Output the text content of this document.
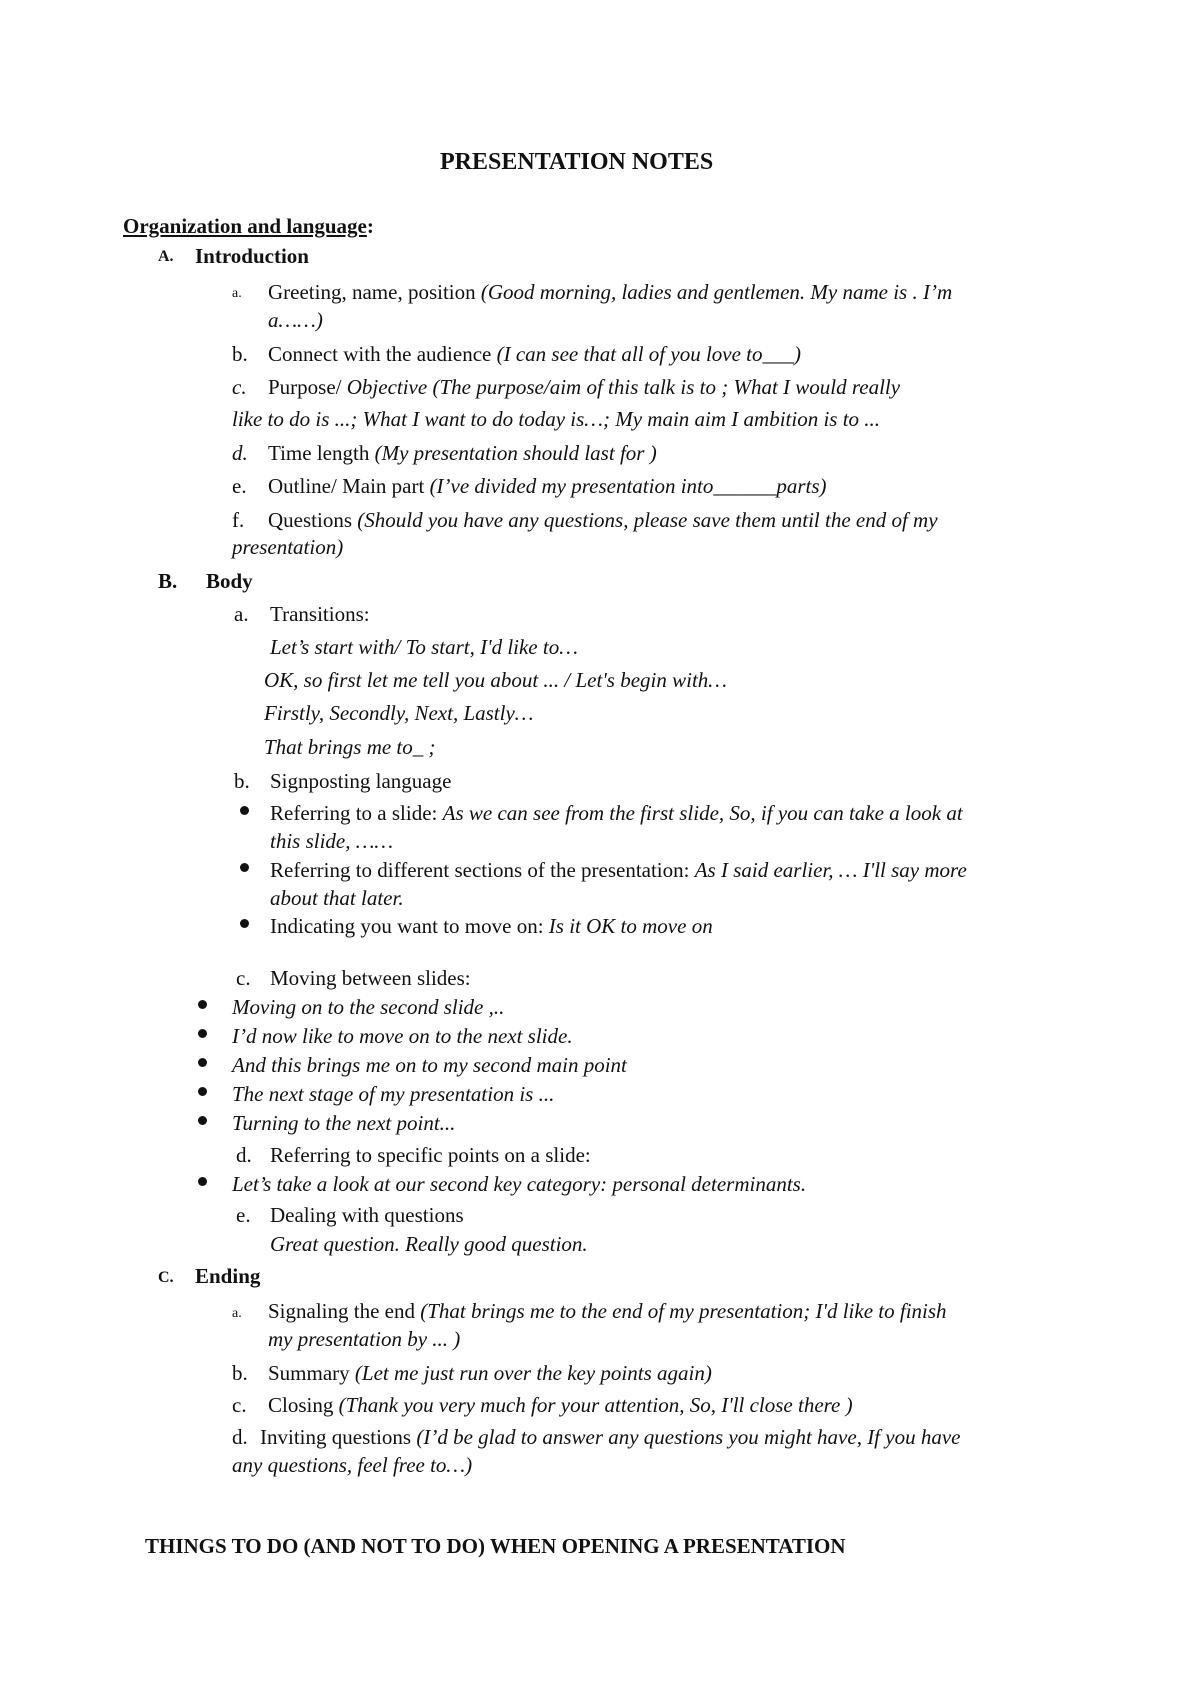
PRESENTATION NOTES
Organization and language:
A. Introduction
a. Greeting, name, position (Good morning, ladies and gentlemen. My name is . I’m
a……)
b. Connect with the audience (I can see that all of you love to___)
c. Purpose/ Objective (The purpose/aim of this talk is to ; What I would really
like to do is ...; What I want to do today is…; My main aim I ambition is to ...
d. Time length (My presentation should last for )
e. Outline/ Main part (I’ve divided my presentation into______parts)
f. Questions (Should you have any questions, please save them until the end of my
presentation)
B. Body
a. Transitions:
Let’s start with/ To start, I'd like to…
OK, so first let me tell you about ... / Let's begin with…
Firstly, Secondly, Next, Lastly…
That brings me to_ ;
b. Signposting language
Referring to a slide: As we can see from the first slide, So, if you can take a look at
this slide, ……
Referring to different sections of the presentation: As I said earlier, … I'll say more
about that later.
Indicating you want to move on: Is it OK to move on
c. Moving between slides:
Moving on to the second slide ,..
I’d now like to move on to the next slide.
And this brings me on to my second main point
The next stage of my presentation is ...
Turning to the next point...
d. Referring to specific points on a slide:
Let’s take a look at our second key category: personal determinants.
e. Dealing with questions
Great question. Really good question.
C. Ending
a. Signaling the end (That brings me to the end of my presentation; I'd like to finish
my presentation by ... )
b. Summary (Let me just run over the key points again)
c. Closing (Thank you very much for your attention, So, I'll close there )
d. Inviting questions (I’d be glad to answer any questions you might have, If you have
any questions, feel free to…)
THINGS TO DO (AND NOT TO DO) WHEN OPENING A PRESENTATION
